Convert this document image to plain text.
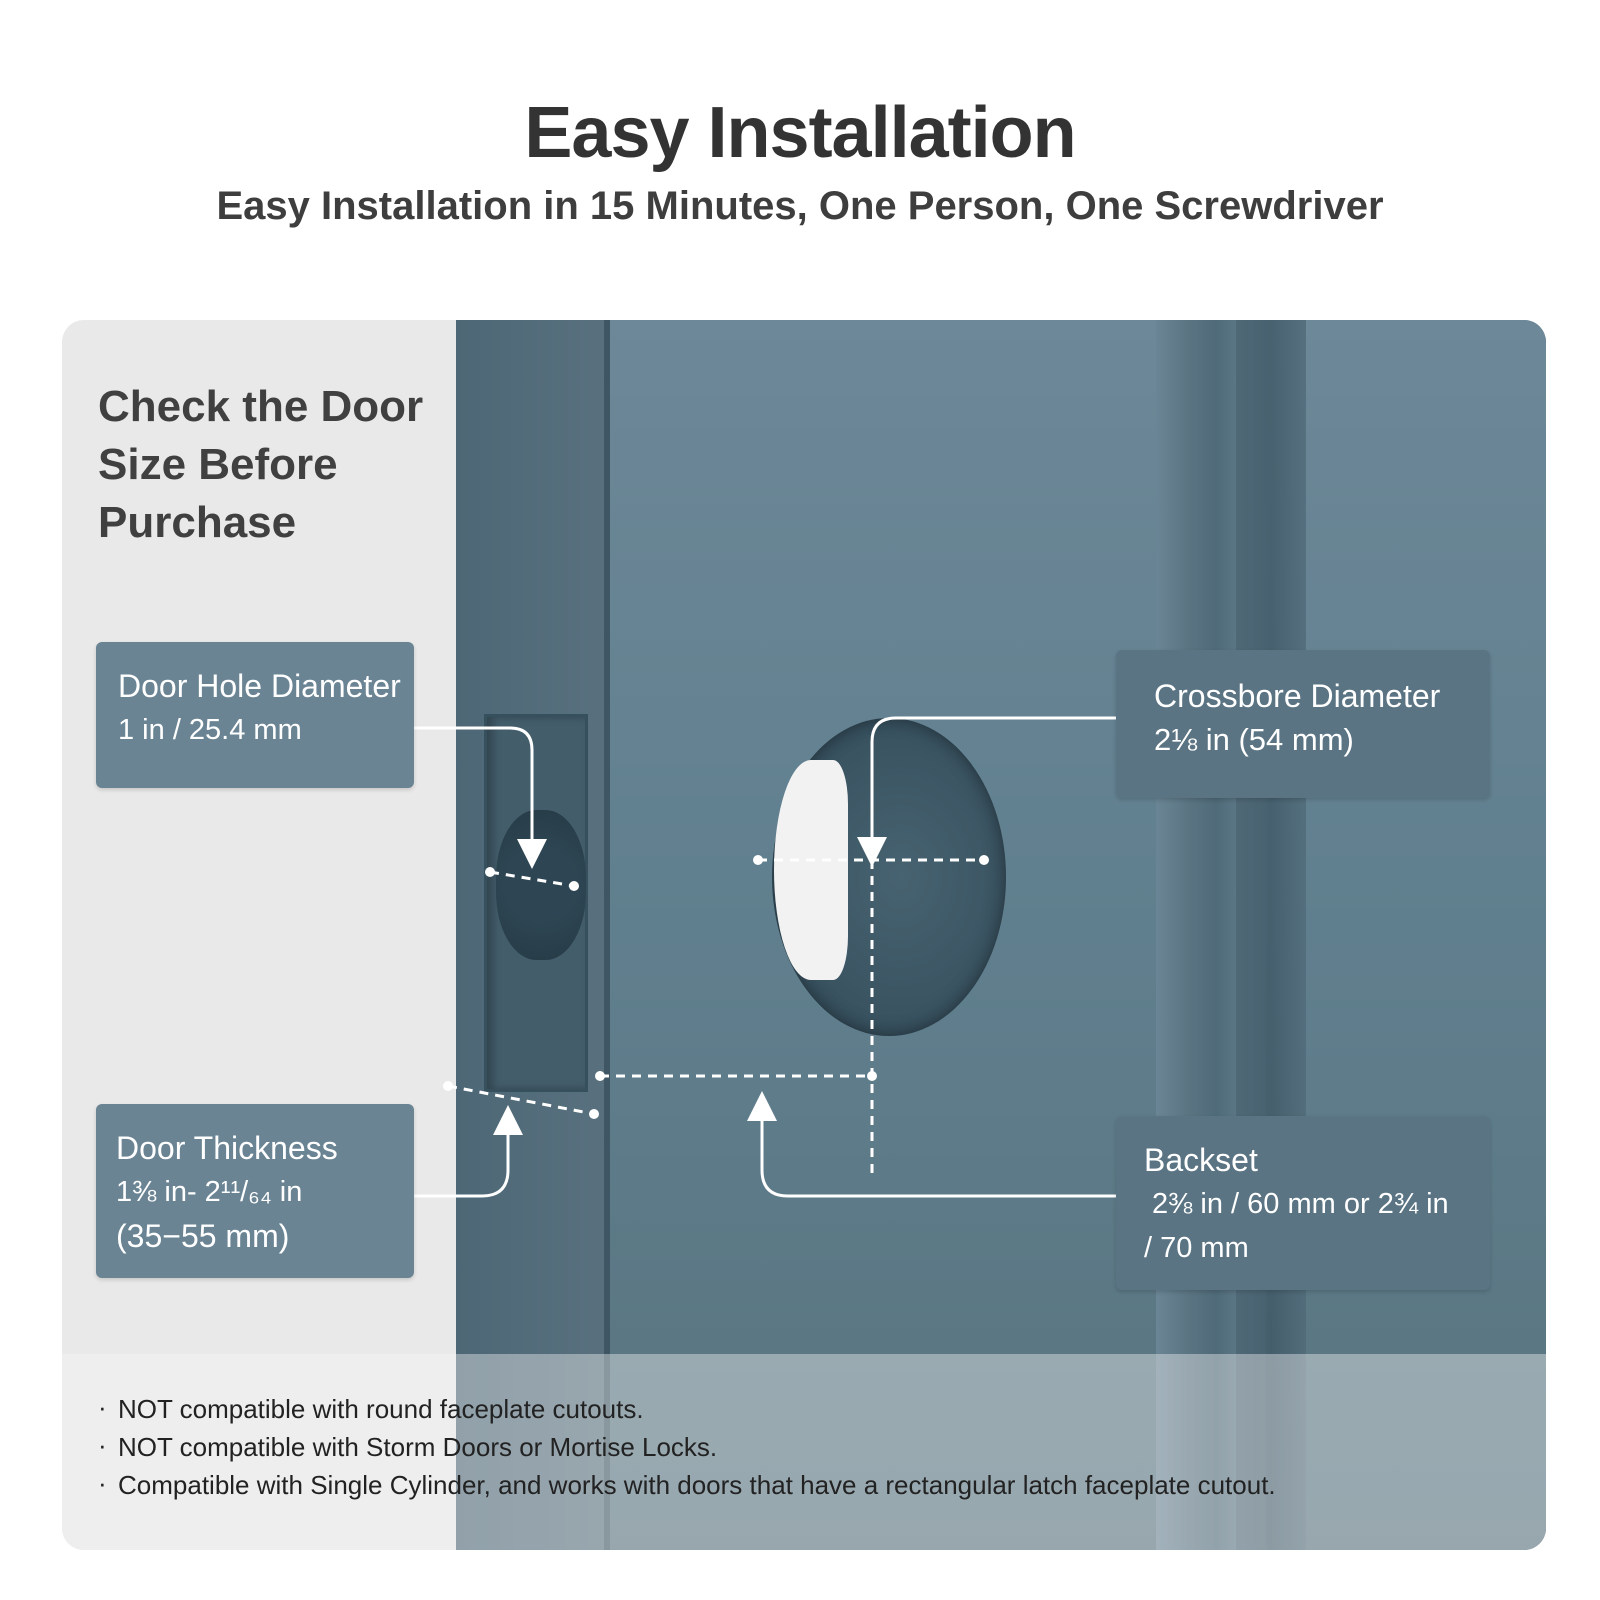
Easy Installation
Easy Installation in 15 Minutes, One Person, One Screwdriver
Check the Door
Size Before
Purchase
Door Hole Diameter
1 in / 25.4 mm
Door Thickness
1⅜ in- 2¹¹/₆₄ in
(35−55 mm)
Crossbore Diameter
2⅛ in (54 mm)
Backset
2⅜ in / 60 mm or 2¾ in
/ 70 mm
· NOT compatible with round faceplate cutouts.
· NOT compatible with Storm Doors or Mortise Locks.
· Compatible with Single Cylinder, and works with doors that have a rectangular latch faceplate cutout.
